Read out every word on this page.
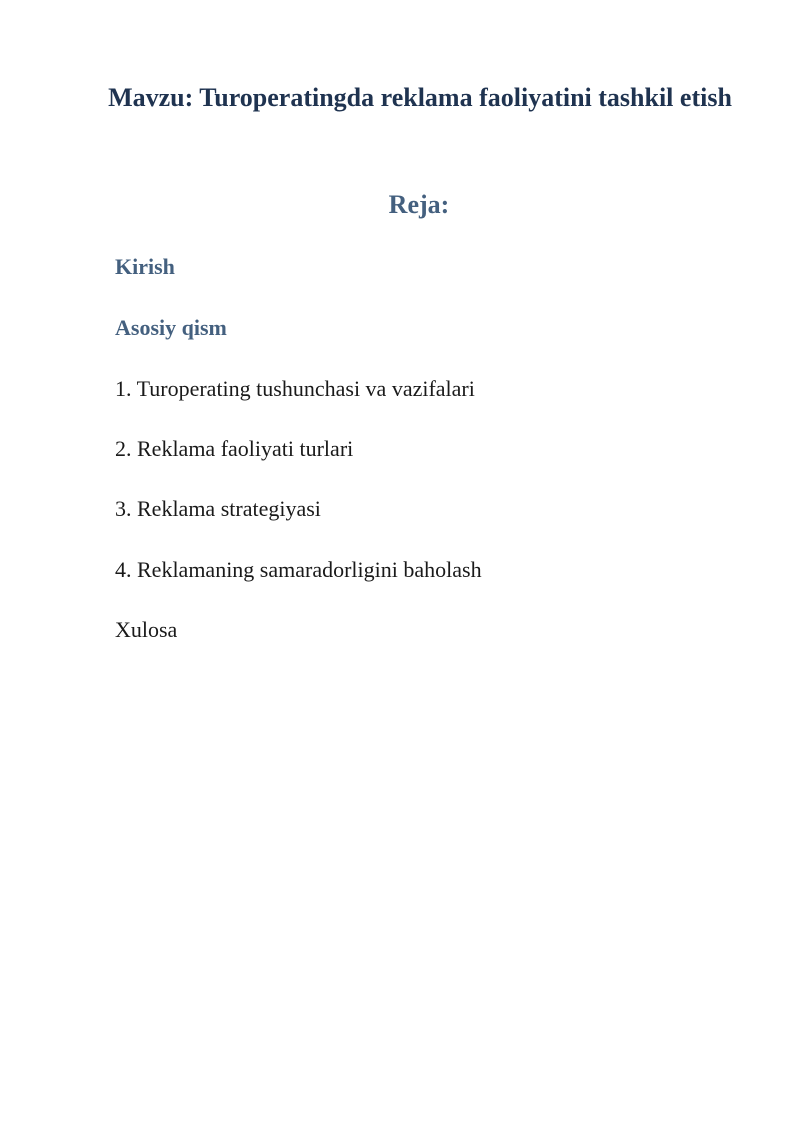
Mavzu: Turoperatingda reklama faoliyatini tashkil etish
Reja:
Kirish
Asosiy qism

1. Turoperating tushunchasi va vazifalari

2. Reklama faoliyati turlari

3. Reklama strategiyasi

4. Reklamaning samaradorligini baholash

Xulosa
